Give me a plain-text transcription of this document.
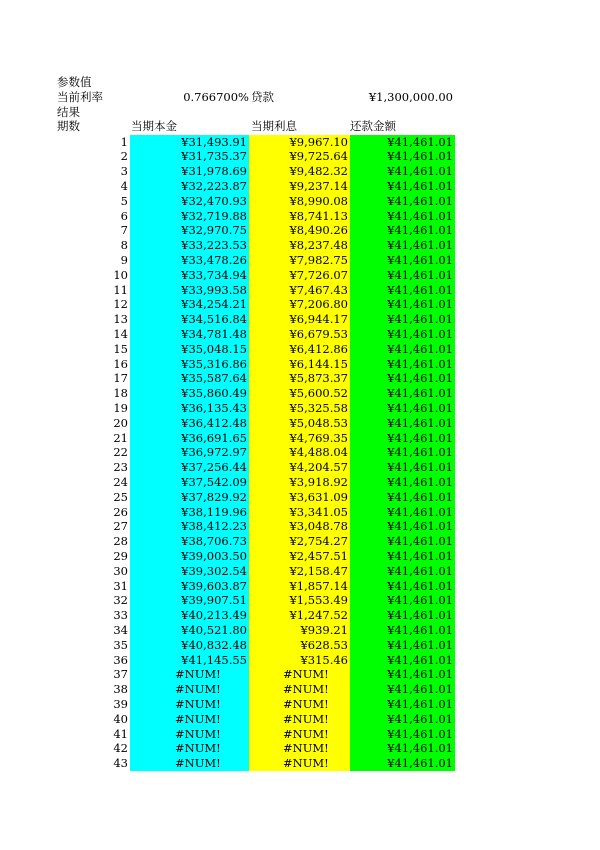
参数值
当前利率	0.766700% 贷款	¥1,300,000.00
结果
期数	当期本金	当期利息	还款金额
1	¥31,493.91	¥9,967.10	¥41,461.01
2	¥31,735.37	¥9,725.64	¥41,461.01
3	¥31,978.69	¥9,482.32	¥41,461.01
4	¥32,223.87	¥9,237.14	¥41,461.01
5	¥32,470.93	¥8,990.08	¥41,461.01
6	¥32,719.88	¥8,741.13	¥41,461.01
7	¥32,970.75	¥8,490.26	¥41,461.01
8	¥33,223.53	¥8,237.48	¥41,461.01
9	¥33,478.26	¥7,982.75	¥41,461.01
10	¥33,734.94	¥7,726.07	¥41,461.01
11	¥33,993.58	¥7,467.43	¥41,461.01
12	¥34,254.21	¥7,206.80	¥41,461.01
13	¥34,516.84	¥6,944.17	¥41,461.01
14	¥34,781.48	¥6,679.53	¥41,461.01
15	¥35,048.15	¥6,412.86	¥41,461.01
16	¥35,316.86	¥6,144.15	¥41,461.01
17	¥35,587.64	¥5,873.37	¥41,461.01
18	¥35,860.49	¥5,600.52	¥41,461.01
19	¥36,135.43	¥5,325.58	¥41,461.01
20	¥36,412.48	¥5,048.53	¥41,461.01
21	¥36,691.65	¥4,769.35	¥41,461.01
22	¥36,972.97	¥4,488.04	¥41,461.01
23	¥37,256.44	¥4,204.57	¥41,461.01
24	¥37,542.09	¥3,918.92	¥41,461.01
25	¥37,829.92	¥3,631.09	¥41,461.01
26	¥38,119.96	¥3,341.05	¥41,461.01
27	¥38,412.23	¥3,048.78	¥41,461.01
28	¥38,706.73	¥2,754.27	¥41,461.01
29	¥39,003.50	¥2,457.51	¥41,461.01
30	¥39,302.54	¥2,158.47	¥41,461.01
31	¥39,603.87	¥1,857.14	¥41,461.01
32	¥39,907.51	¥1,553.49	¥41,461.01
33	¥40,213.49	¥1,247.52	¥41,461.01
34	¥40,521.80	¥939.21	¥41,461.01
35	¥40,832.48	¥628.53	¥41,461.01
36	¥41,145.55	¥315.46	¥41,461.01
37	#NUM!	#NUM!	¥41,461.01
38	#NUM!	#NUM!	¥41,461.01
39	#NUM!	#NUM!	¥41,461.01
40	#NUM!	#NUM!	¥41,461.01
41	#NUM!	#NUM!	¥41,461.01
42	#NUM!	#NUM!	¥41,461.01
43	#NUM!	#NUM!	¥41,461.01
